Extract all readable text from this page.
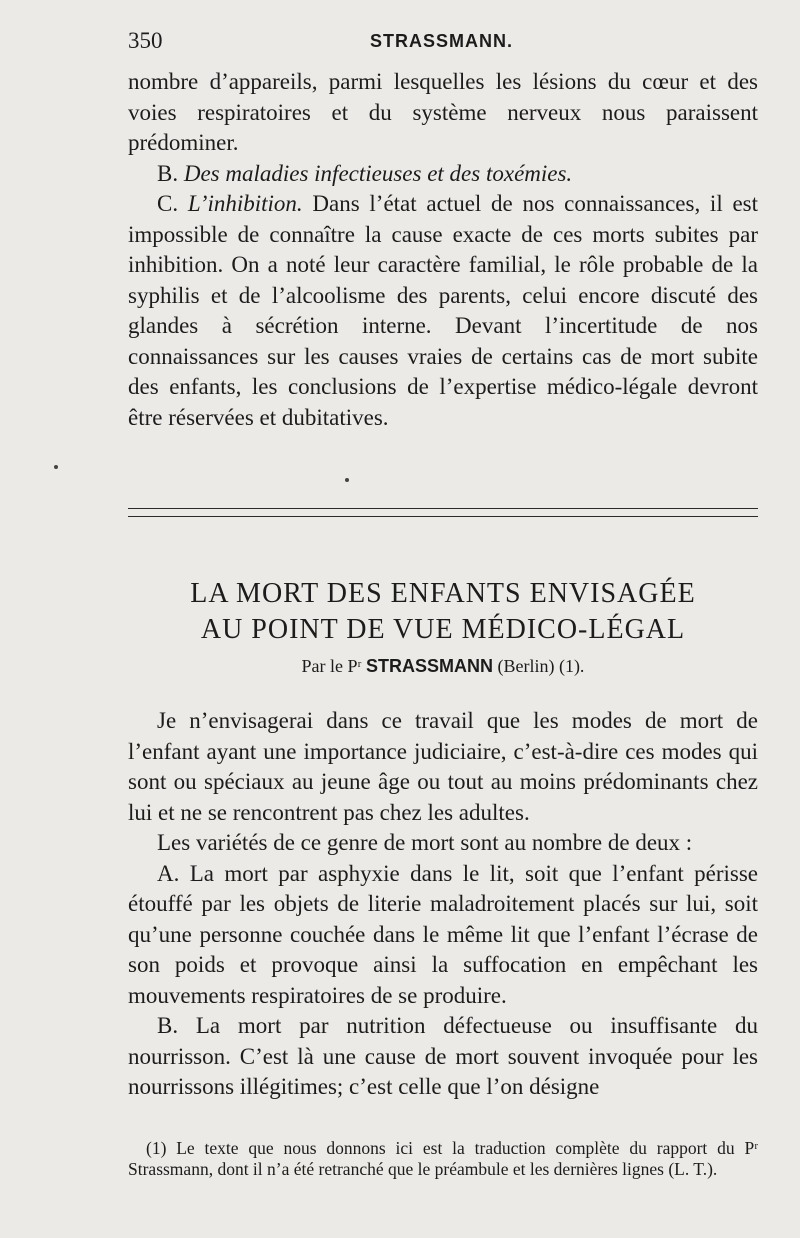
350	STRASSMANN.

nombre d’appareils, parmi lesquelles les lésions du cœur et des voies respiratoires et du système nerveux nous paraissent prédominer.

B. Des maladies infectieuses et des toxémies.

C. L’inhibition. Dans l’état actuel de nos connaissances, il est impossible de connaître la cause exacte de ces morts subites par inhibition. On a noté leur caractère familial, le rôle probable de la syphilis et de l’alcoolisme des parents, celui encore discuté des glandes à sécrétion interne. Devant l’incertitude de nos connaissances sur les causes vraies de certains cas de mort subite des enfants, les conclusions de l’expertise médico-légale devront être réservées et dubitatives.

LA MORT DES ENFANTS ENVISAGÉE
AU POINT DE VUE MÉDICO-LÉGAL
Par le Pʳ STRASSMANN (Berlin) (1).

Je n’envisagerai dans ce travail que les modes de mort de l’enfant ayant une importance judiciaire, c’est-à-dire ces modes qui sont ou spéciaux au jeune âge ou tout au moins prédominants chez lui et ne se rencontrent pas chez les adultes.

Les variétés de ce genre de mort sont au nombre de deux :

A. La mort par asphyxie dans le lit, soit que l’enfant périsse étouffé par les objets de literie maladroitement placés sur lui, soit qu’une personne couchée dans le même lit que l’enfant l’écrase de son poids et provoque ainsi la suffocation en empêchant les mouvements respiratoires de se produire.

B. La mort par nutrition défectueuse ou insuffisante du nourrisson. C’est là une cause de mort souvent invoquée pour les nourrissons illégitimes; c’est celle que l’on désigne

(1) Le texte que nous donnons ici est la traduction complète du rapport du Pʳ Strassmann, dont il n’a été retranché que le préambule et les dernières lignes (L. T.).
